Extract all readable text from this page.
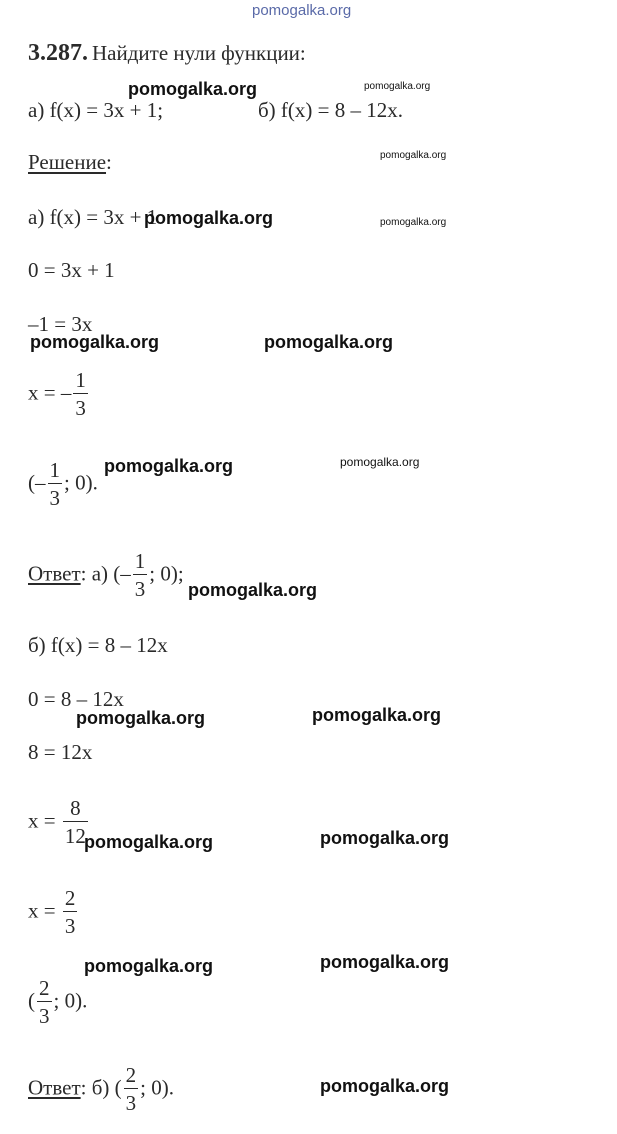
3.287. Найдите нули функции:
а) f(x) = 3x + 1;	б) f(x) = 8 – 12x.
Решение:
а) f(x) = 3x + 1
0 = 3x + 1
–1 = 3x
x = – $\frac{1}{3}$
(– $\frac{1}{3}$ ; 0).
Ответ: а) (– $\frac{1}{3}$ ; 0);
б) f(x) = 8 – 12x
0 = 8 – 12x
8 = 12x
$x = \frac{8}{12}$
$x = \frac{2}{3}$
( $\frac{2}{3}$ ; 0).
Ответ: б) ( $\frac{2}{3}$ ; 0).
pomogalka.org
pomogalka.org	pomogalka.org
pomogalka.org
pomogalka.org	pomogalka.org
pomogalka.org	pomogalka.org
pomogalka.org	pomogalka.org
pomogalka.org
pomogalka.org	pomogalka.org
pomogalka.org	pomogalka.org
pomogalka.org	pomogalka.org
pomogalka.org
